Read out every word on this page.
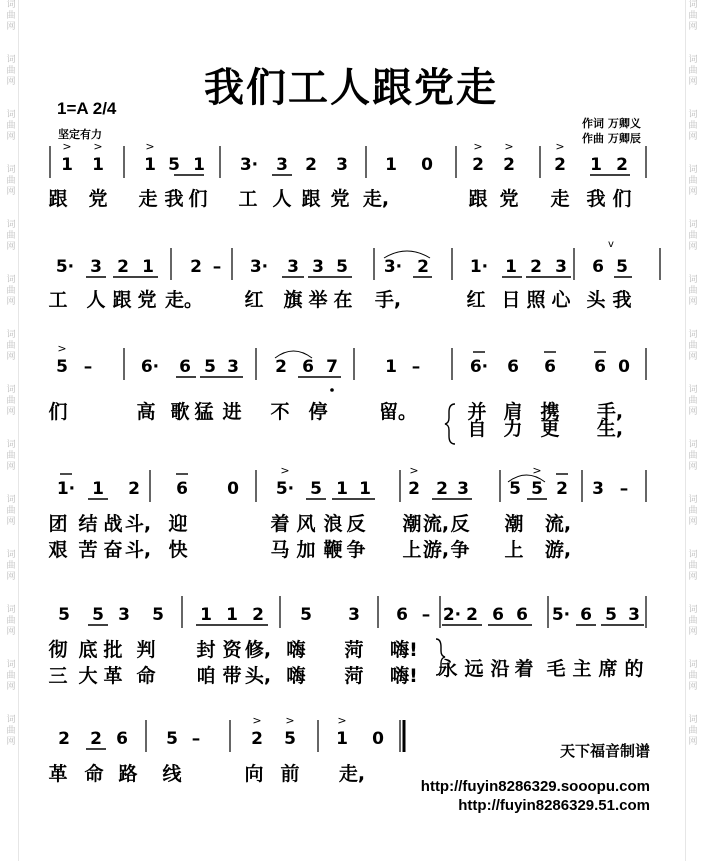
词
曲
网

词
曲
网

词
曲
网

词
曲
网

词
曲
网

词
曲
网

词
曲
网

词
曲
网

词
曲
网

词
曲
网

词
曲
网

词
曲
网

词
曲
网

词
曲
网

词
曲
网

词
曲
网

词
曲
网

词
曲
网

词
曲
网

词
曲
网

词
曲
网

词
曲
网

词
曲
网

词
曲
网

词
曲
网

词
曲
网

词
曲
网

词
曲
网

我们工人跟党走
1=A 2/4
坚定有力
作词 万卿义
作曲 万卿辰
1
>
1
>
1
>
5 1 3· 3 2 3 1 0 2
>
2
>
2
>
1 2
跟 党 走 我 们 工 人 跟 党 走,	跟 党 走 我 们
5· 3 2 1 2 – 3· 3 3 5 3· 2 1· 1 2 3 6 5
v
工 人 跟 党 走。 红 旗 举 在 手,	红 日 照 心 头 我
5
>
–	6· 6 5 3 2 6 7	1 –	6· 6 6 6 0
们	高 歌 猛 进 不 停	留。	并 肩 携 手,
自 力 更 生,
1· 1 2 6 0 5·
>
5 1 1 2
>
2 3 5 5
>
2 3 –
团 结 战 斗, 迎	着 风 浪 反 潮 流, 反 潮 流,
艰 苦 奋 斗, 快	马 加 鞭 争 上 游, 争 上 游,
5 5 3 5 1 1 2 5 3 6 – 2· 2 6 6 5· 6 5 3
彻 底 批 判 封 资 修, 嗨 菏 嗨!
三 大 革 命 咱 带 头, 嗨 菏 嗨! 永 远 沿 着 毛 主 席 的
2 2 6 5 –	2
>
5
>
1
>
0
革 命 路 线	向 前 走,
天下福音制谱
http://fuyin8286329.sooopu.com
http://fuyin8286329.51.com
